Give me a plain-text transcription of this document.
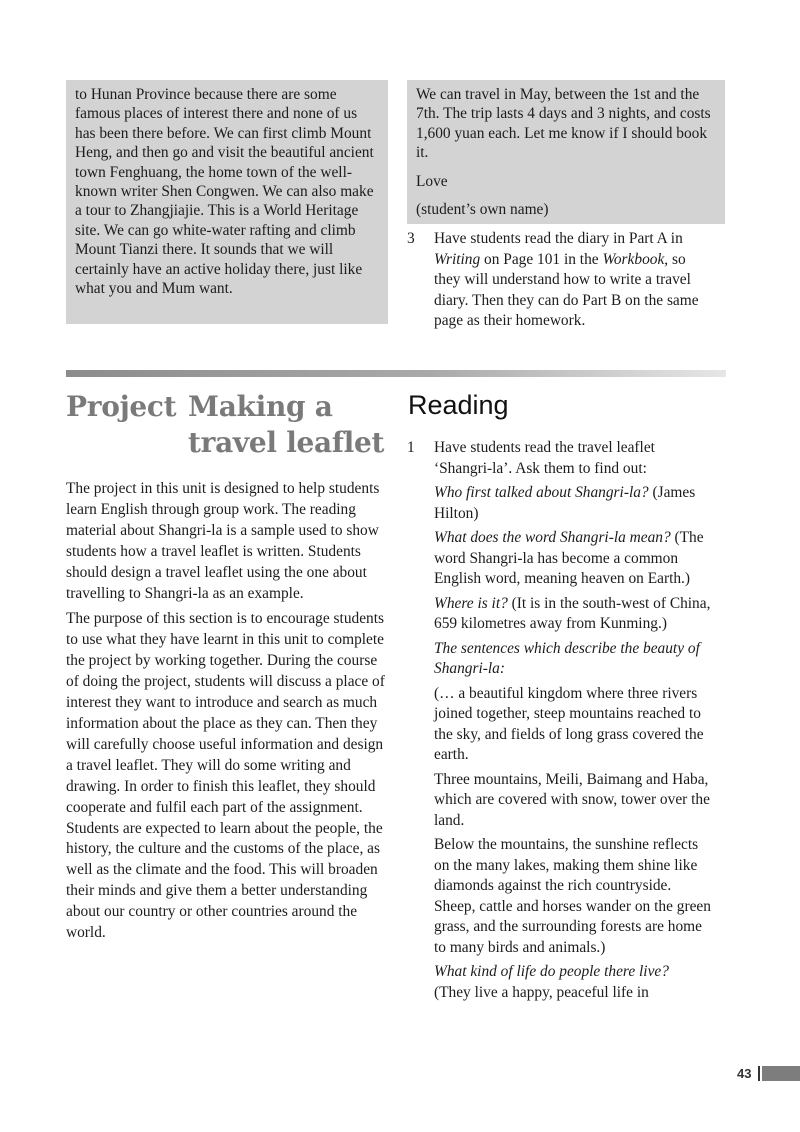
to Hunan Province because there are some famous places of interest there and none of us has been there before. We can first climb Mount Heng, and then go and visit the beautiful ancient town Fenghuang, the home town of the well-known writer Shen Congwen. We can also make a tour to Zhangjiajie. This is a World Heritage site. We can go white-water rafting and climb Mount Tianzi there. It sounds that we will certainly have an active holiday there, just like what you and Mum want.

We can travel in May, between the 1st and the 7th. The trip lasts 4 days and 3 nights, and costs 1,600 yuan each. Let me know if I should book it.

Love

(student’s own name)

3 Have students read the diary in Part A in Writing on Page 101 in the Workbook, so they will understand how to write a travel diary. Then they can do Part B on the same page as their homework.

Project Making a
travel leaflet
Reading

The project in this unit is designed to help students learn English through group work. The reading material about Shangri-la is a sample used to show students how a travel leaflet is written. Students should design a travel leaflet using the one about travelling to Shangri-la as an example.

The purpose of this section is to encourage students to use what they have learnt in this unit to complete the project by working together. During the course of doing the project, students will discuss a place of interest they want to introduce and search as much information about the place as they can. Then they will carefully choose useful information and design a travel leaflet. They will do some writing and drawing. In order to finish this leaflet, they should cooperate and fulfil each part of the assignment. Students are expected to learn about the people, the history, the culture and the customs of the place, as well as the climate and the food. This will broaden their minds and give them a better understanding about our country or other countries around the world.

1 Have students read the travel leaflet ‘Shangri-la’. Ask them to find out:

Who first talked about Shangri-la? (James Hilton)

What does the word Shangri-la mean? (The word Shangri-la has become a common English word, meaning heaven on Earth.)

Where is it? (It is in the south-west of China, 659 kilometres away from Kunming.)

The sentences which describe the beauty of Shangri-la:

(… a beautiful kingdom where three rivers joined together, steep mountains reached to the sky, and fields of long grass covered the earth.

Three mountains, Meili, Baimang and Haba, which are covered with snow, tower over the land.

Below the mountains, the sunshine reflects on the many lakes, making them shine like diamonds against the rich countryside. Sheep, cattle and horses wander on the green grass, and the surrounding forests are home to many birds and animals.)

What kind of life do people there live?
(They live a happy, peaceful life in

43
